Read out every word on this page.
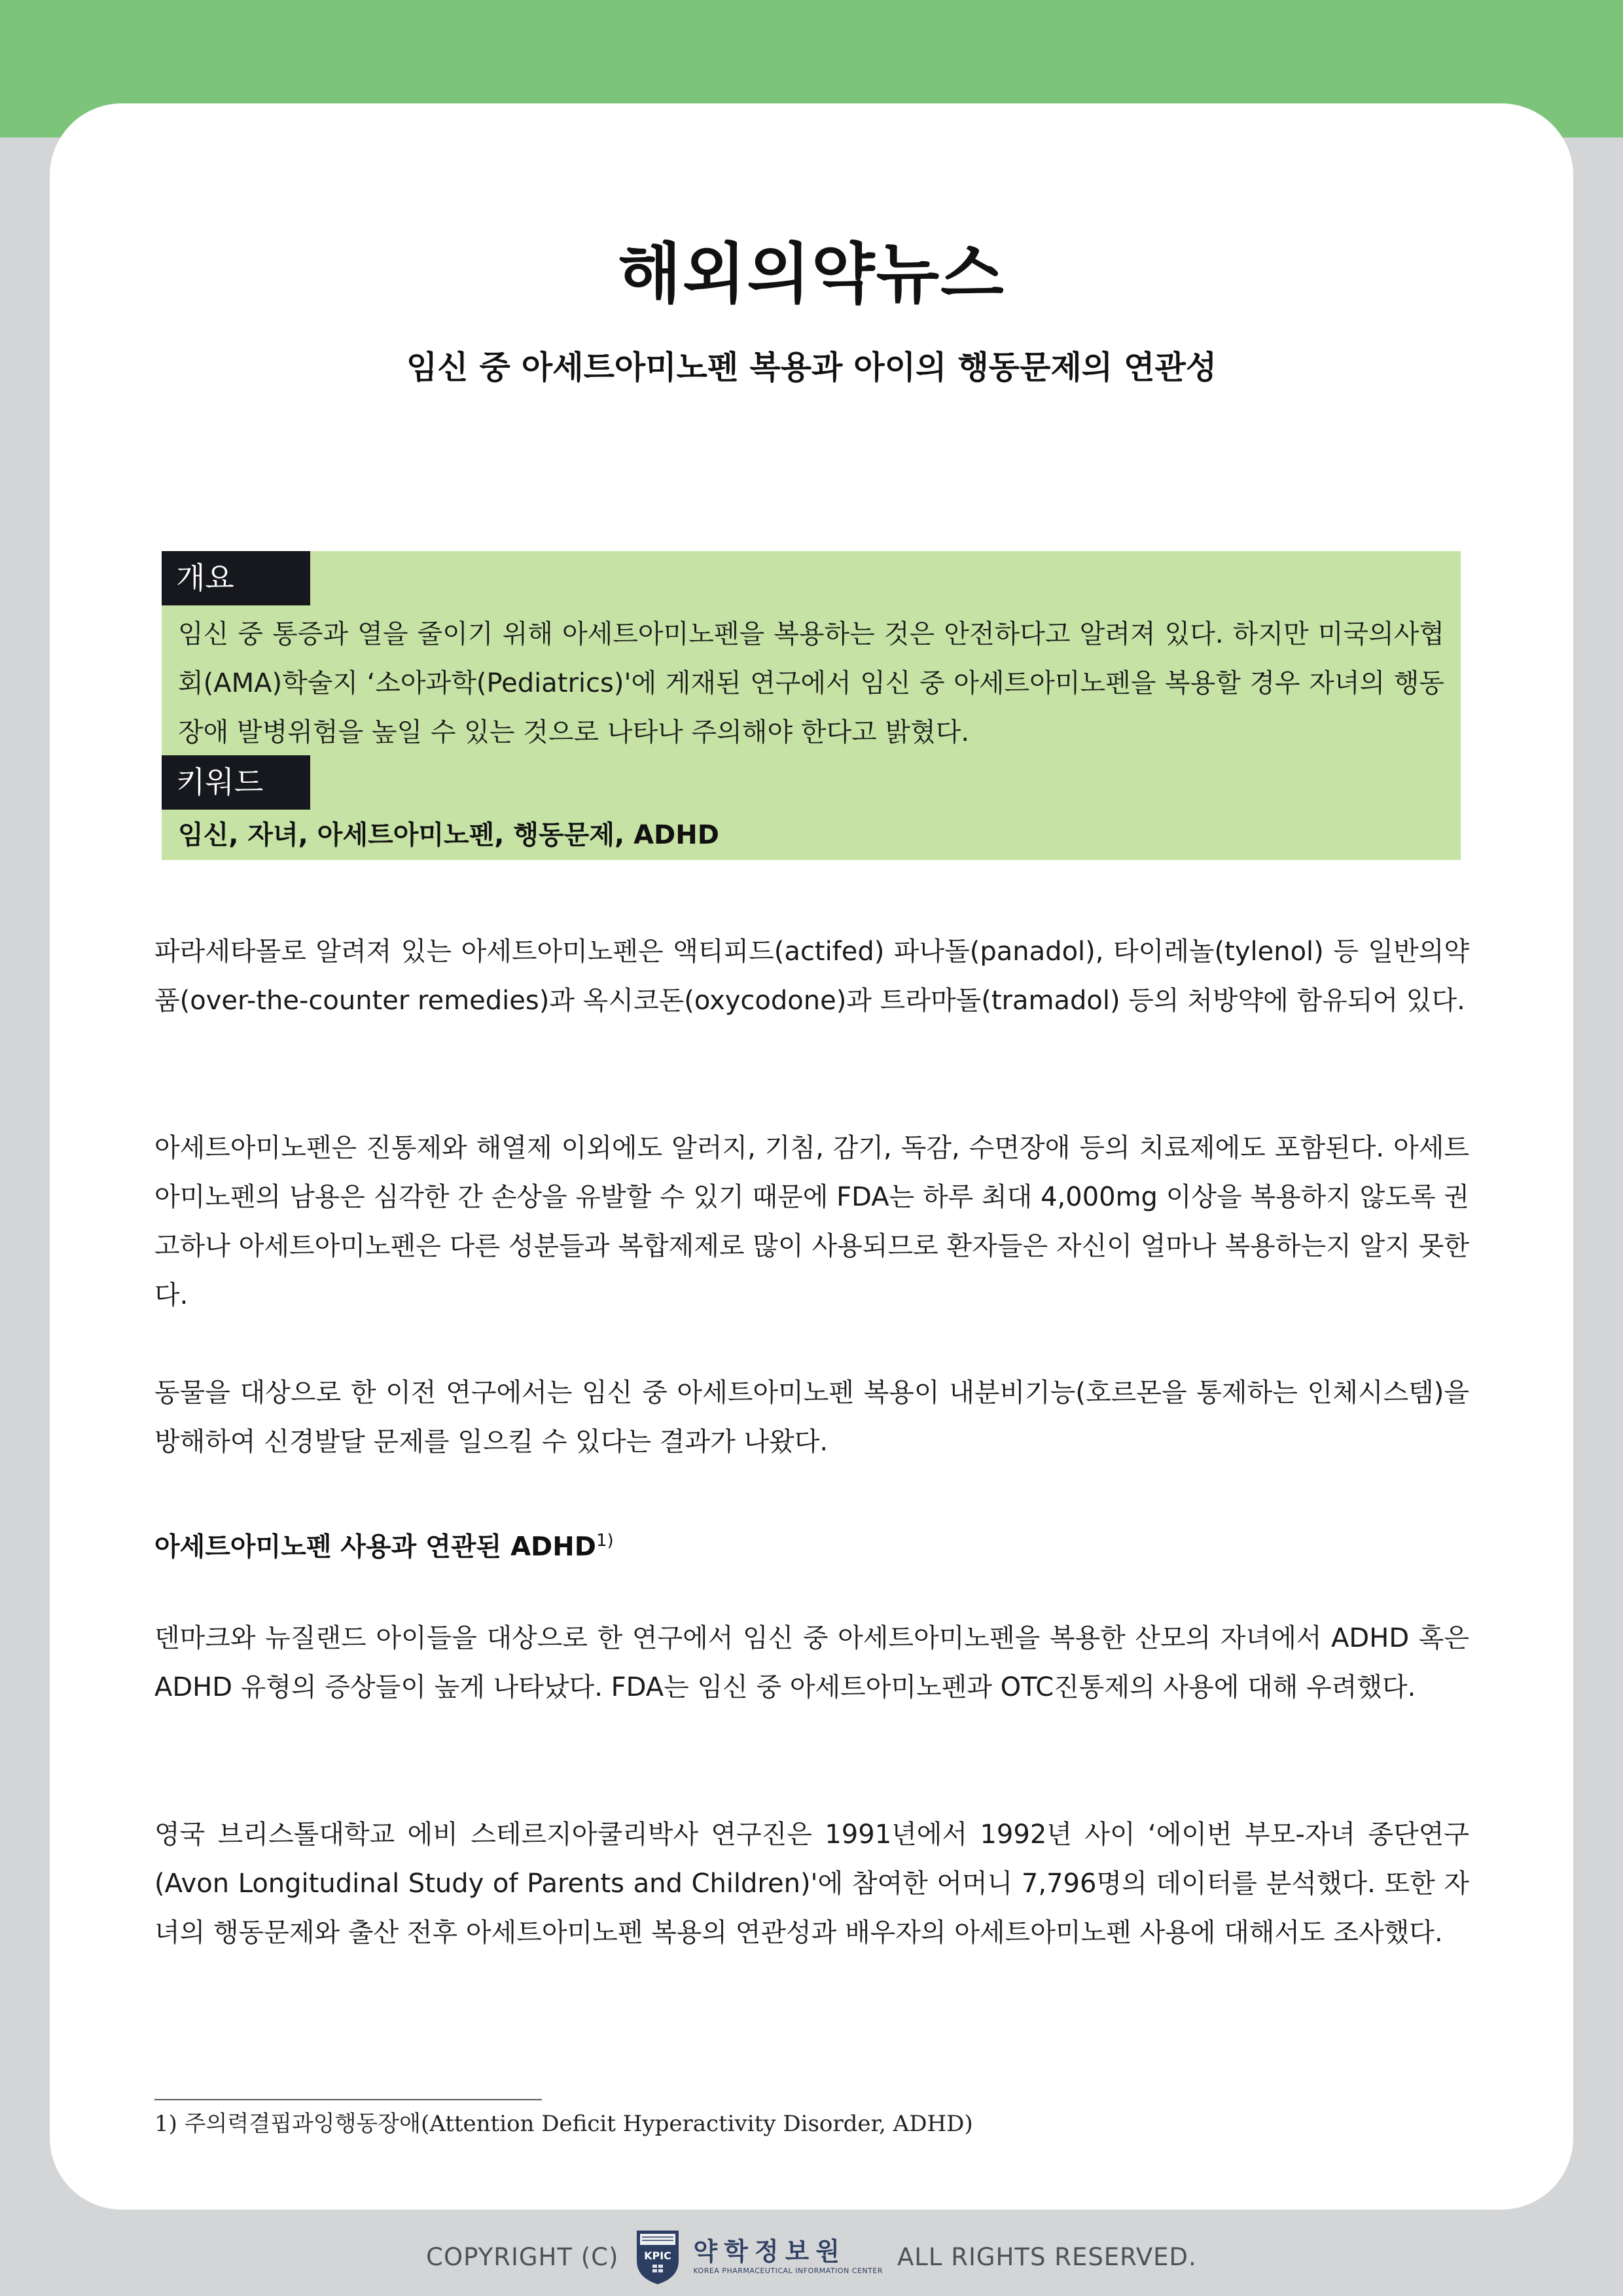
해외의약뉴스
임신 중 아세트아미노펜 복용과 아이의 행동문제의 연관성
개요
임신 중 통증과 열을 줄이기 위해 아세트아미노펜을 복용하는 것은 안전하다고 알려져 있다. 하지만 미국의사협회(AMA)학술지 ‘소아과학(Pediatrics)'에 게재된 연구에서 임신 중 아세트아미노펜을 복용할 경우 자녀의 행동장애 발병위험을 높일 수 있는 것으로 나타나 주의해야 한다고 밝혔다.
키워드
임신, 자녀, 아세트아미노펜, 행동문제, ADHD
파라세타몰로 알려져 있는 아세트아미노펜은 액티피드(actifed) 파나돌(panadol), 타이레놀(tylenol) 등 일반의약품(over-the-counter remedies)과 옥시코돈(oxycodone)과 트라마돌(tramadol) 등의 처방약에 함유되어 있다.
아세트아미노펜은 진통제와 해열제 이외에도 알러지, 기침, 감기, 독감, 수면장애 등의 치료제에도 포함된다. 아세트아미노펜의 남용은 심각한 간 손상을 유발할 수 있기 때문에 FDA는 하루 최대 4,000mg 이상을 복용하지 않도록 권고하나 아세트아미노펜은 다른 성분들과 복합제제로 많이 사용되므로 환자들은 자신이 얼마나 복용하는지 알지 못한다.
동물을 대상으로 한 이전 연구에서는 임신 중 아세트아미노펜 복용이 내분비기능(호르몬을 통제하는 인체시스템)을 방해하여 신경발달 문제를 일으킬 수 있다는 결과가 나왔다.
아세트아미노펜 사용과 연관된 ADHD$^{1)}$
덴마크와 뉴질랜드 아이들을 대상으로 한 연구에서 임신 중 아세트아미노펜을 복용한 산모의 자녀에서 ADHD 혹은 ADHD 유형의 증상들이 높게 나타났다. FDA는 임신 중 아세트아미노펜과 OTC진통제의 사용에 대해 우려했다.
영국 브리스톨대학교 에비 스테르지아쿨리박사 연구진은 1991년에서 1992년 사이 ‘에이번 부모-자녀 종단연구(Avon Longitudinal Study of Parents and Children)'에 참여한 어머니 7,796명의 데이터를 분석했다. 또한 자녀의 행동문제와 출산 전후 아세트아미노펜 복용의 연관성과 배우자의 아세트아미노펜 사용에 대해서도 조사했다.
1) 주의력결핍과잉행동장애(Attention Deficit Hyperactivity Disorder, ADHD)
COPYRIGHT (C) KPIC 약학정보원
KOREA PHARMACEUTICAL INFORMATION CENTER ALL RIGHTS RESERVED.
